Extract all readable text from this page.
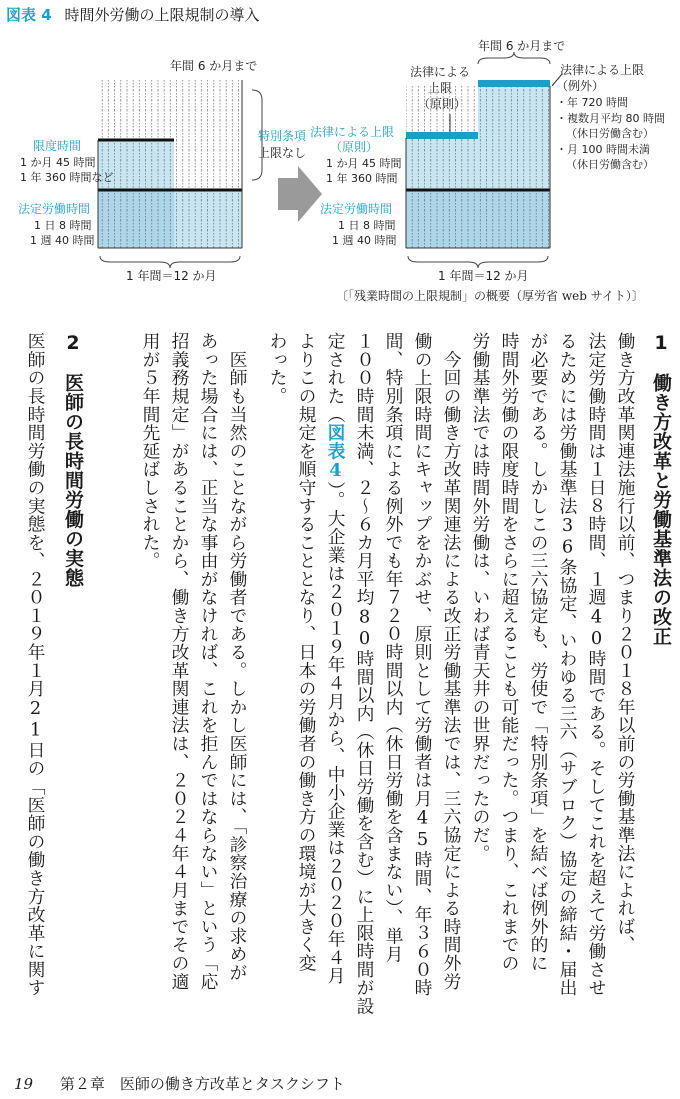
図表 4 時間外労働の上限規制の導入
年間 6 か月まで
限度時間
1 か月 45 時間
1 年 360 時間など
法定労働時間
1 日 8 時間
1 週 40 時間
特別条項
上限なし
1 年間＝12 か月
年間 6 か月まで
法律による
上限
（原則）
法律による上限
（原則）
1 か月 45 時間
1 年 360 時間
法定労働時間
1 日 8 時間
1 週 40 時間
法律による上限
（例外）
・年 720 時間
・複数月平均 80 時間
（休日労働含む）
・月 100 時間未満
（休日労働含む）
1 年間＝12 か月
〔「残業時間の上限規制」の概要（厚労省 web サイト）〕
1　働き方改革と労働基準法の改正
働き方改革関連法施行以前、つまり２０１８年以前の労働基準法によれば、
法定労働時間は１日８時間、１週40時間である。そしてこれを超えて労働させ
るためには労働基準法36条協定、いわゆる三六（サブロク）協定の締結・届出
が必要である。しかしこの三六協定も、労使で「特別条項」を結べば例外的に
時間外労働の限度時間をさらに超えることも可能だった。つまり、これまでの
労働基準法では時間外労働は、いわば青天井の世界だったのだ。
　今回の働き方改革関連法による改正労働基準法では、三六協定による時間外労
働の上限時間にキャップをかぶせ、原則として労働者は月45時間、年３６０時
間、特別条項による例外でも年７２０時間以内（休日労働を含まない）、単月
１００時間未満、２～６カ月平均80時間以内（休日労働を含む）に上限時間が設
定された（図表4）。大企業は２０１９年４月から、中小企業は２０２０年４月
よりこの規定を順守することとなり、日本の労働者の働き方の環境が大きく変
わった。
　医師も当然のことながら労働者である。しかし医師には、「診察治療の求めが
あった場合には、正当な事由がなければ、これを拒んではならない」という「応
招義務規定」があることから、働き方改革関連法は、２０２４年４月までその適
用が５年間先延ばしされた。
2　医師の長時間労働の実態
医師の長時間労働の実態を、２０１９年１月21日の「医師の働き方改革に関す
19 第２章　医師の働き方改革とタスクシフト
